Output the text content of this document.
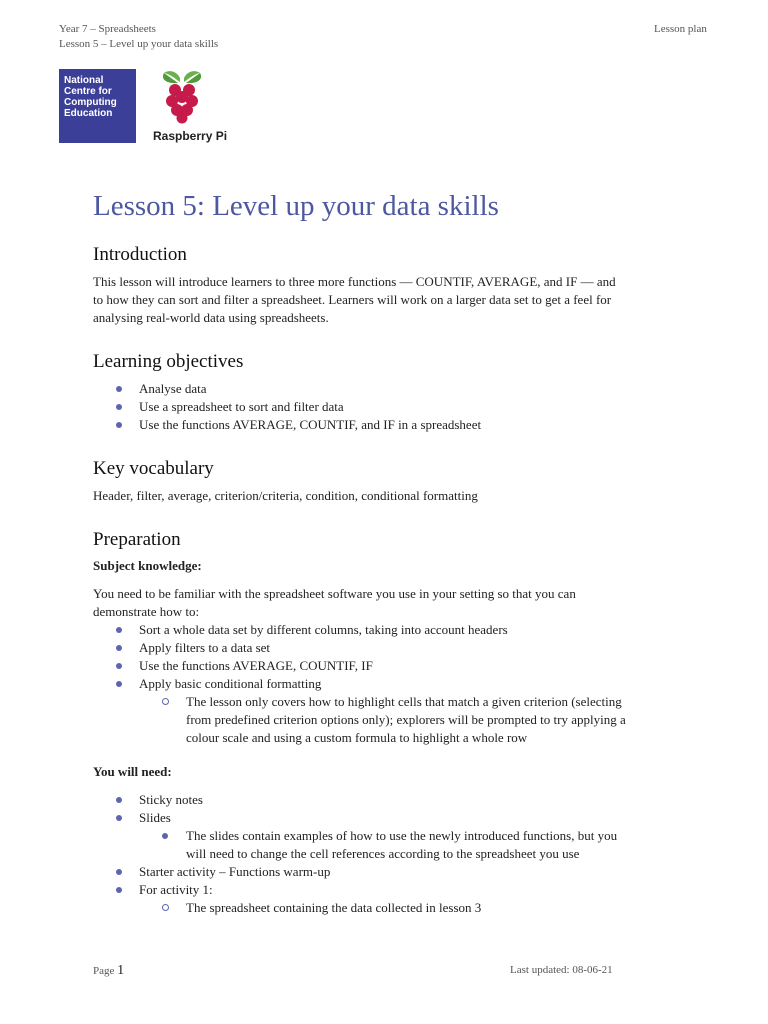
Year 7 – Spreadsheets
Lesson 5 – Level up your data skills
Lesson plan
National
Centre for
Computing
Education
Raspberry Pi
Lesson 5: Level up your data skills
Introduction

This lesson will introduce learners to three more functions — COUNTIF, AVERAGE, and IF — and

to how they can sort and filter a spreadsheet. Learners will work on a larger data set to get a feel for

analysing real-world data using spreadsheets.

Learning objectives
Analyse data
Use a spreadsheet to sort and filter data
Use the functions AVERAGE, COUNTIF, and IF in a spreadsheet
Key vocabulary

Header, filter, average, criterion/criteria, condition, conditional formatting

Preparation

Subject knowledge:

You need to be familiar with the spreadsheet software you use in your setting so that you can

demonstrate how to:

Sort a whole data set by different columns, taking into account headers
Apply filters to a data set
Use the functions AVERAGE, COUNTIF, IF
Apply basic conditional formatting
The lesson only covers how to highlight cells that match a given criterion (selecting
from predefined criterion options only); explorers will be prompted to try applying a
colour scale and using a custom formula to highlight a whole row

You will need:

Sticky notes
Slides
The slides contain examples of how to use the newly introduced functions, but you
will need to change the cell references according to the spreadsheet you use
Starter activity – Functions warm-up
For activity 1:
The spreadsheet containing the data collected in lesson 3
Page 1	Last updated: 08-06-21
